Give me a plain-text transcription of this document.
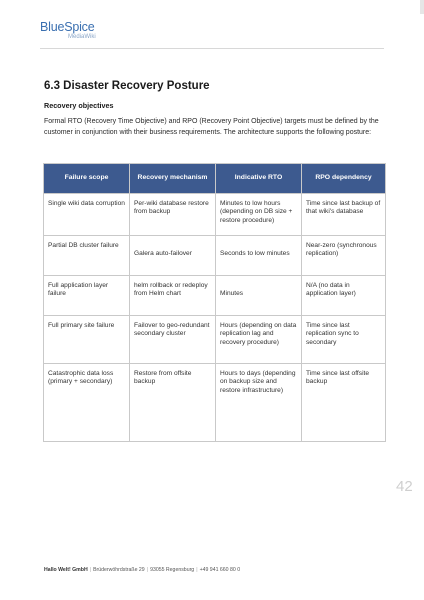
BlueSpice
MediaWiki
6.3 Disaster Recovery Posture
Recovery objectives

Formal RTO (Recovery Time Objective) and RPO (Recovery Point Objective) targets must be defined by the customer in conjunction with their business requirements. The architecture supports the following posture:

Failure scope	Recovery mechanism	Indicative RTO	RPO dependency
Single wiki data corruption	Per-wiki database restore from backup	Minutes to low hours (depending on DB size + restore procedure)	Time since last backup of that wiki's database
Partial DB cluster failure	Galera auto-failover	Seconds to low minutes	Near-zero (synchronous replication)
Full application layer failure	helm rollback or redeploy from Helm chart	Minutes	N/A (no data in application layer)
Full primary site failure	Failover to geo-redundant secondary cluster	Hours (depending on data replication lag and recovery procedure)	Time since last replication sync to secondary
Catastrophic data loss (primary + secondary)	Restore from offsite backup	Hours to days (depending on backup size and restore infrastructure)	Time since last offsite backup
42
Hallo Welt! GmbH | Brüderwöhrdstraße 29 | 93055 Regensburg | +49 941 660 80 0
